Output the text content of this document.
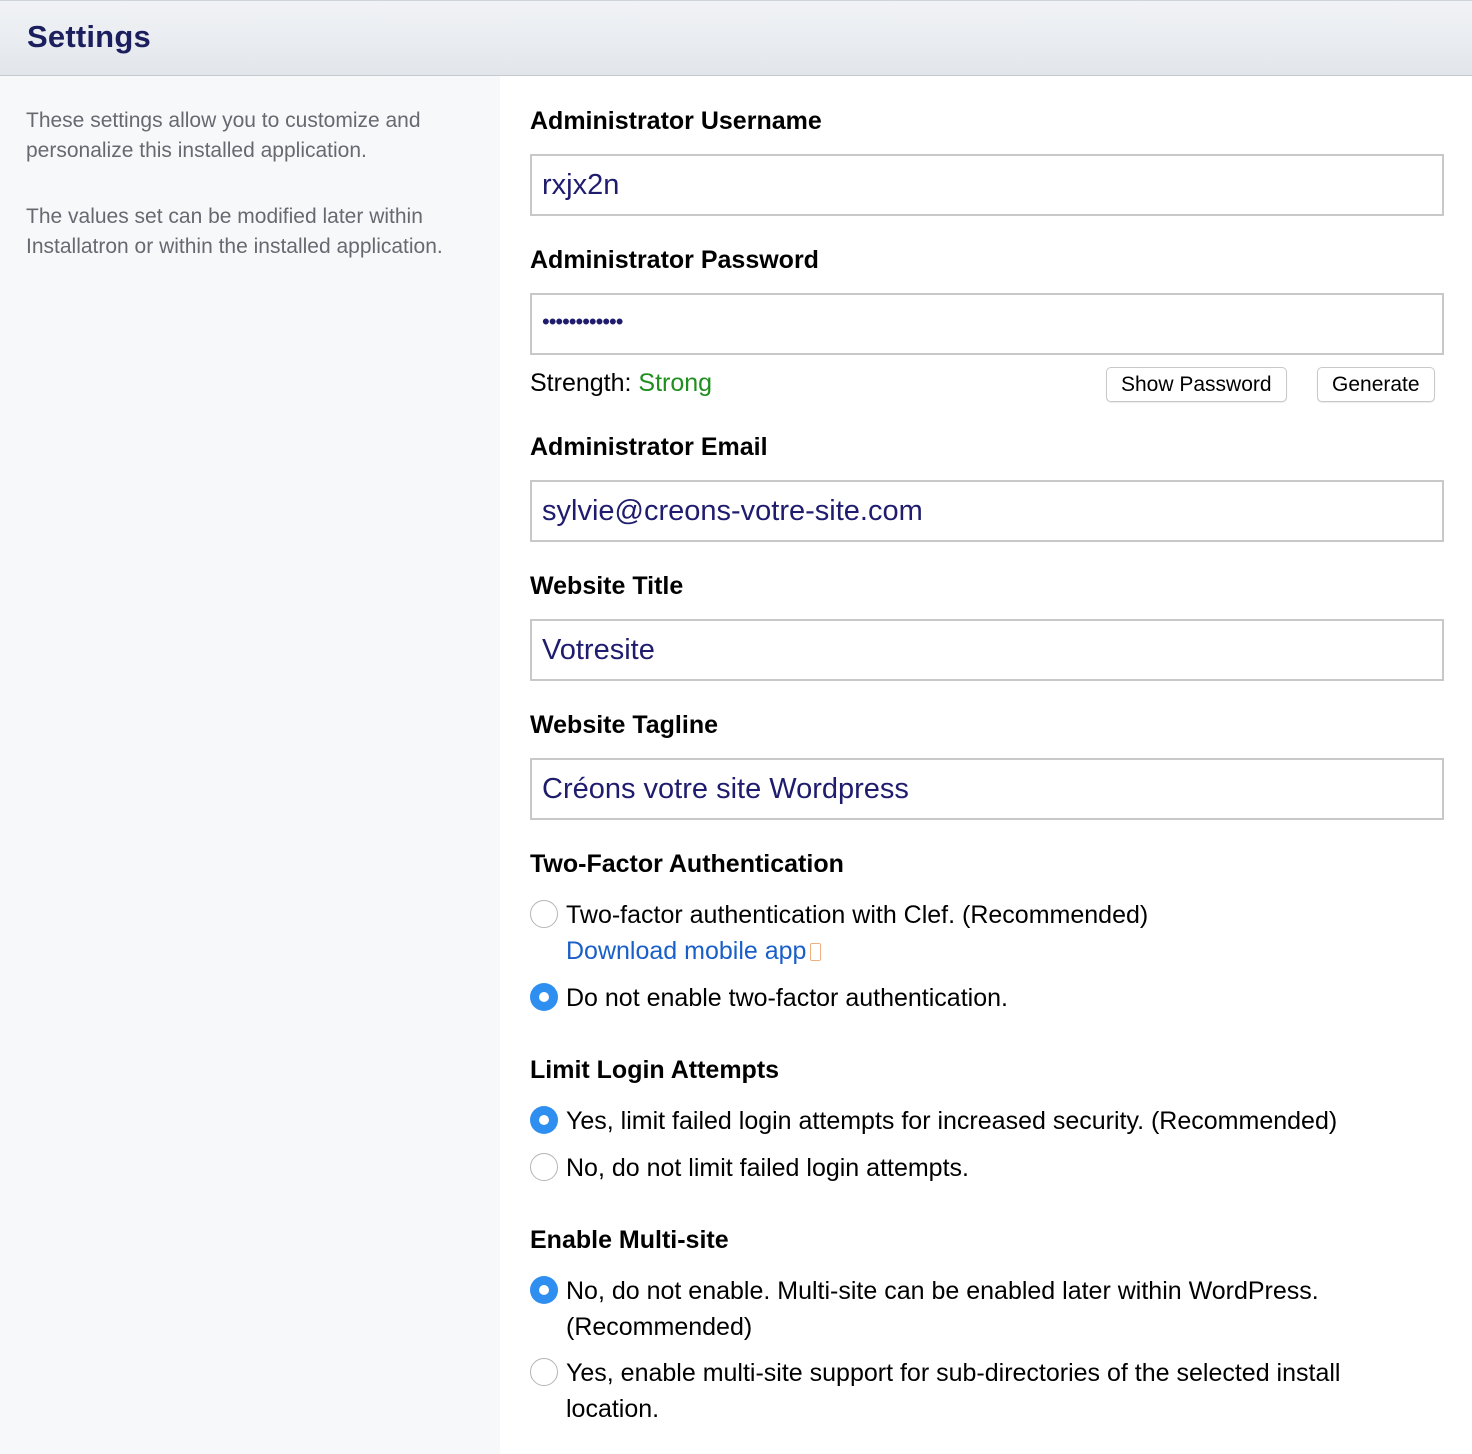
Settings

These settings allow you to customize and personalize this installed application.

The values set can be modified later within Installatron or within the installed application.

Administrator Username
rxjx2n
Administrator Password
••••••••••••
Strength: Strong	Show Password	Generate
Administrator Email
sylvie@creons-votre-site.com
Website Title
Votresite
Website Tagline
Créons votre site Wordpress
Two-Factor Authentication
Two-factor authentication with Clef. (Recommended)
Download mobile app
Do not enable two-factor authentication.
Limit Login Attempts
Yes, limit failed login attempts for increased security. (Recommended)
No, do not limit failed login attempts.
Enable Multi-site
No, do not enable. Multi-site can be enabled later within WordPress. (Recommended)
Yes, enable multi-site support for sub-directories of the selected install location.
